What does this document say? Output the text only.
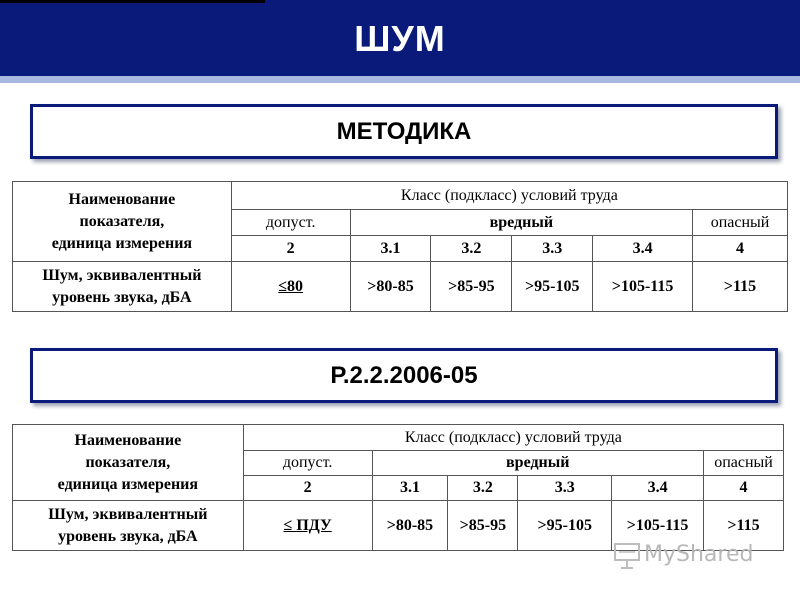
ШУМ
МЕТОДИКА
Наименование
показателя,
единица измерения	Класс (подкласс) условий труда					
	допуст.	вредный				опасный
	2	3.1	3.2	3.3	3.4	4

Шум, эквивалентный
уровень звука, дБА	≤80	>80-85	>85-95	>95-105	>105-115	>115
Р.2.2.2006-05
Наименование
показателя,
единица измерения	Класс (подкласс) условий труда					
	допуст.	вредный				опасный
	2	3.1	3.2	3.3	3.4	4

Шум, эквивалентный
уровень звука, дБА	≤ ПДУ	>80-85	>85-95	>95-105	>105-115	>115
MyShared
